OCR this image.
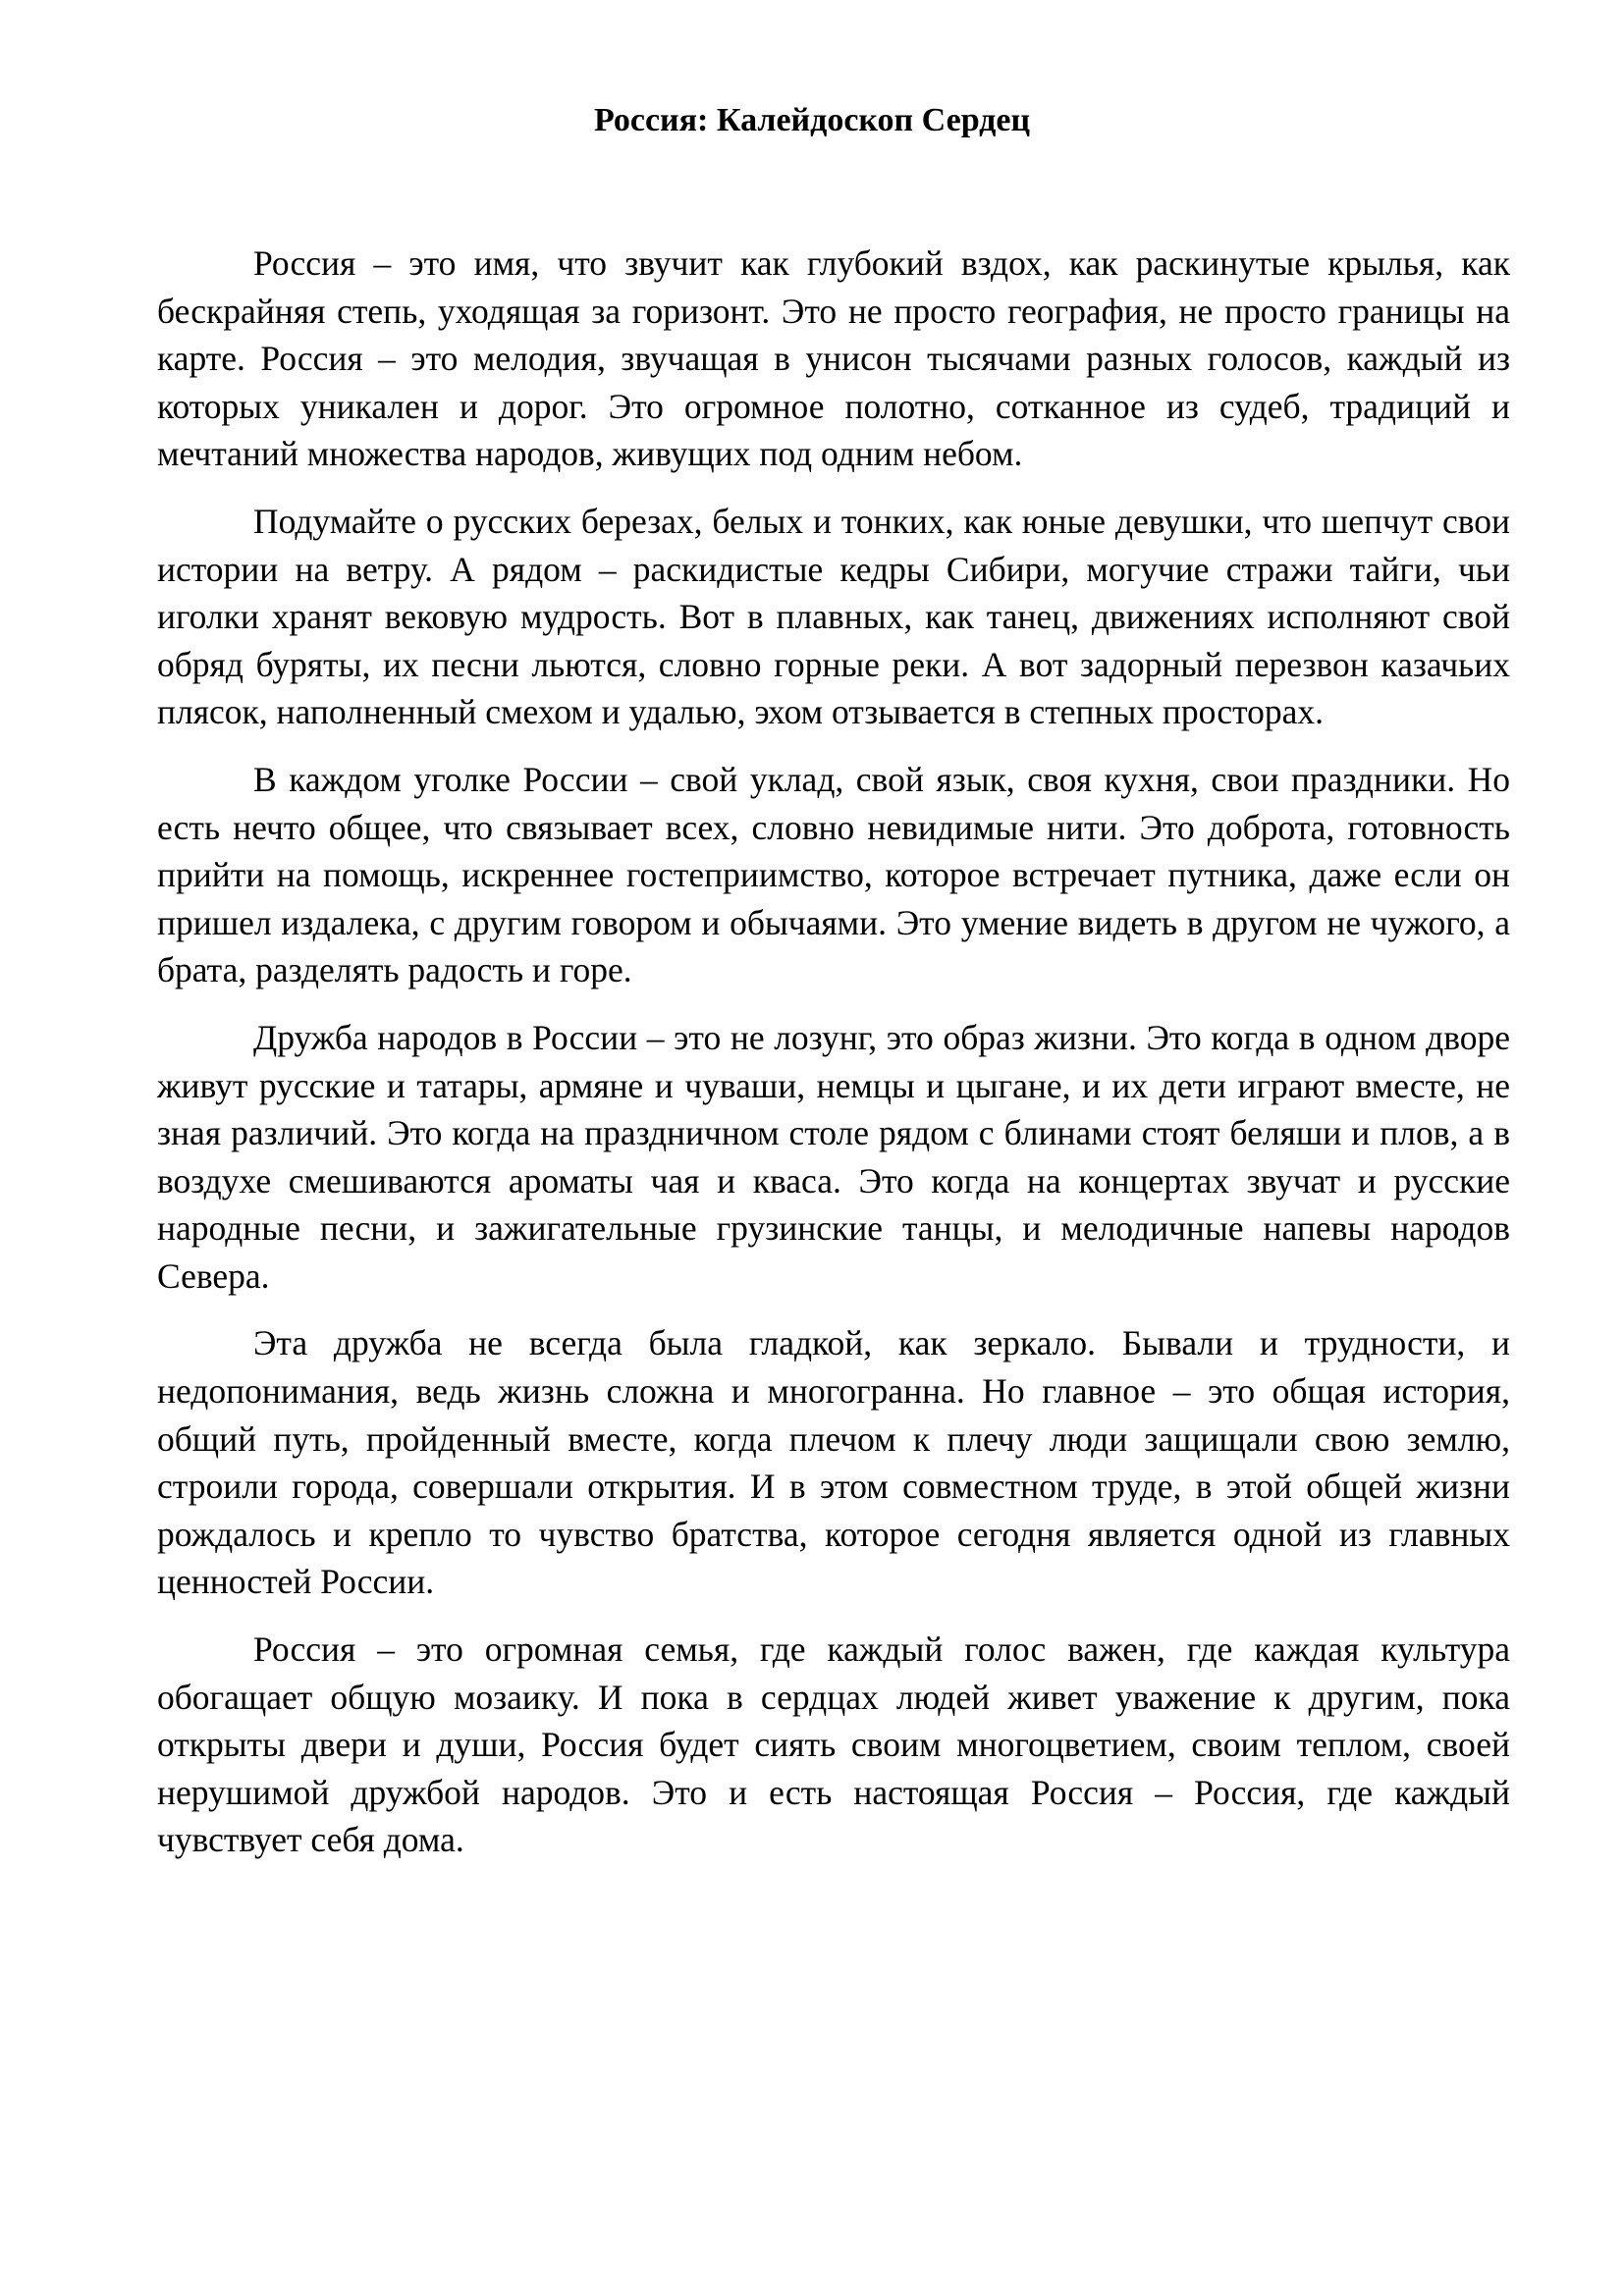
Россия: Калейдоскоп Сердец

Россия – это имя, что звучит как глубокий вздох, как раскинутые крылья, как бескрайняя степь, уходящая за горизонт. Это не просто география, не просто границы на карте. Россия – это мелодия, звучащая в унисон тысячами разных голосов, каждый из которых уникален и дорог. Это огромное полотно, сотканное из судеб, традиций и мечтаний множества народов, живущих под одним небом.

Подумайте о русских березах, белых и тонких, как юные девушки, что шепчут свои истории на ветру. А рядом – раскидистые кедры Сибири, могучие стражи тайги, чьи иголки хранят вековую мудрость. Вот в плавных, как танец, движениях исполняют свой обряд буряты, их песни льются, словно горные реки. А вот задорный перезвон казачьих плясок, наполненный смехом и удалью, эхом отзывается в степных просторах.

В каждом уголке России – свой уклад, свой язык, своя кухня, свои праздники. Но есть нечто общее, что связывает всех, словно невидимые нити. Это доброта, готовность прийти на помощь, искреннее гостеприимство, которое встречает путника, даже если он пришел издалека, с другим говором и обычаями. Это умение видеть в другом не чужого, а брата, разделять радость и горе.

Дружба народов в России – это не лозунг, это образ жизни. Это когда в одном дворе живут русские и татары, армяне и чуваши, немцы и цыгане, и их дети играют вместе, не зная различий. Это когда на праздничном столе рядом с блинами стоят беляши и плов, а в воздухе смешиваются ароматы чая и кваса. Это когда на концертах звучат и русские народные песни, и зажигательные грузинские танцы, и мелодичные напевы народов Севера.

Эта дружба не всегда была гладкой, как зеркало. Бывали и трудности, и недопонимания, ведь жизнь сложна и многогранна. Но главное – это общая история, общий путь, пройденный вместе, когда плечом к плечу люди защищали свою землю, строили города, совершали открытия. И в этом совместном труде, в этой общей жизни рождалось и крепло то чувство братства, которое сегодня является одной из главных ценностей России.

Россия – это огромная семья, где каждый голос важен, где каждая культура обогащает общую мозаику. И пока в сердцах людей живет уважение к другим, пока открыты двери и души, Россия будет сиять своим многоцветием, своим теплом, своей нерушимой дружбой народов. Это и есть настоящая Россия – Россия, где каждый чувствует себя дома.
